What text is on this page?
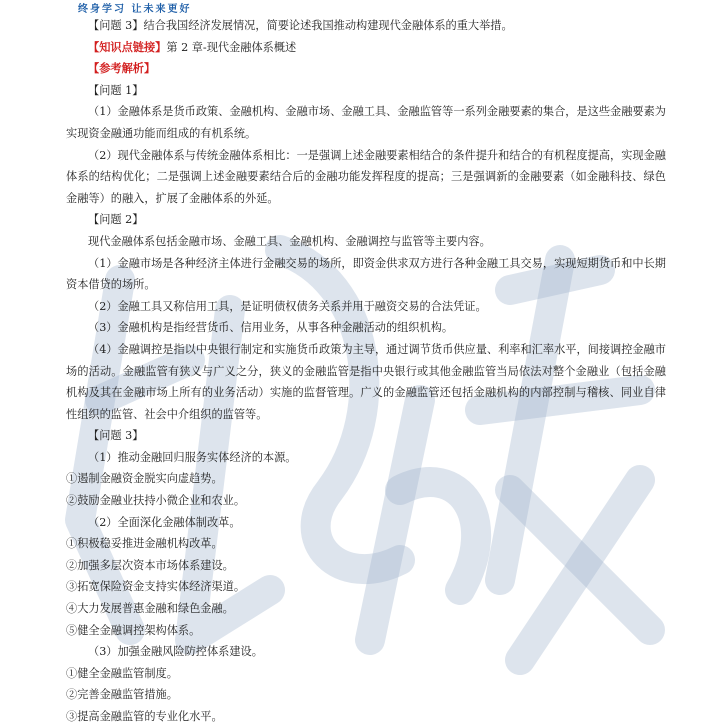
终身学习 让未来更好

【问题 3】结合我国经济发展情况，简要论述我国推动构建现代金融体系的重大举措。

【知识点链接】第 2 章-现代金融体系概述

【参考解析】

【问题 1】

（1）金融体系是货币政策、金融机构、金融市场、金融工具、金融监管等一系列金融要素的集合，是这些金融要素为实现资金融通功能而组成的有机系统。

（2）现代金融体系与传统金融体系相比：一是强调上述金融要素相结合的条件提升和结合的有机程度提高，实现金融体系的结构优化；二是强调上述金融要素结合后的金融功能发挥程度的提高；三是强调新的金融要素（如金融科技、绿色金融等）的融入，扩展了金融体系的外延。

【问题 2】

现代金融体系包括金融市场、金融工具、金融机构、金融调控与监管等主要内容。

（1）金融市场是各种经济主体进行金融交易的场所，即资金供求双方进行各种金融工具交易，实现短期货币和中长期资本借贷的场所。

（2）金融工具又称信用工具，是证明债权债务关系并用于融资交易的合法凭证。

（3）金融机构是指经营货币、信用业务，从事各种金融活动的组织机构。

（4）金融调控是指以中央银行制定和实施货币政策为主导，通过调节货币供应量、利率和汇率水平，间接调控金融市场的活动。金融监管有狭义与广义之分，狭义的金融监管是指中央银行或其他金融监管当局依法对整个金融业（包括金融机构及其在金融市场上所有的业务活动）实施的监督管理。广义的金融监管还包括金融机构的内部控制与稽核、同业自律性组织的监管、社会中介组织的监管等。

【问题 3】

（1）推动金融回归服务实体经济的本源。

①遏制金融资金脱实向虚趋势。

②鼓励金融业扶持小微企业和农业。

（2）全面深化金融体制改革。

①积极稳妥推进金融机构改革。

②加强多层次资本市场体系建设。

③拓宽保险资金支持实体经济渠道。

④大力发展普惠金融和绿色金融。

⑤健全金融调控架构体系。

（3）加强金融风险防控体系建设。

①健全金融监管制度。

②完善金融监管措施。

③提高金融监管的专业化水平。
